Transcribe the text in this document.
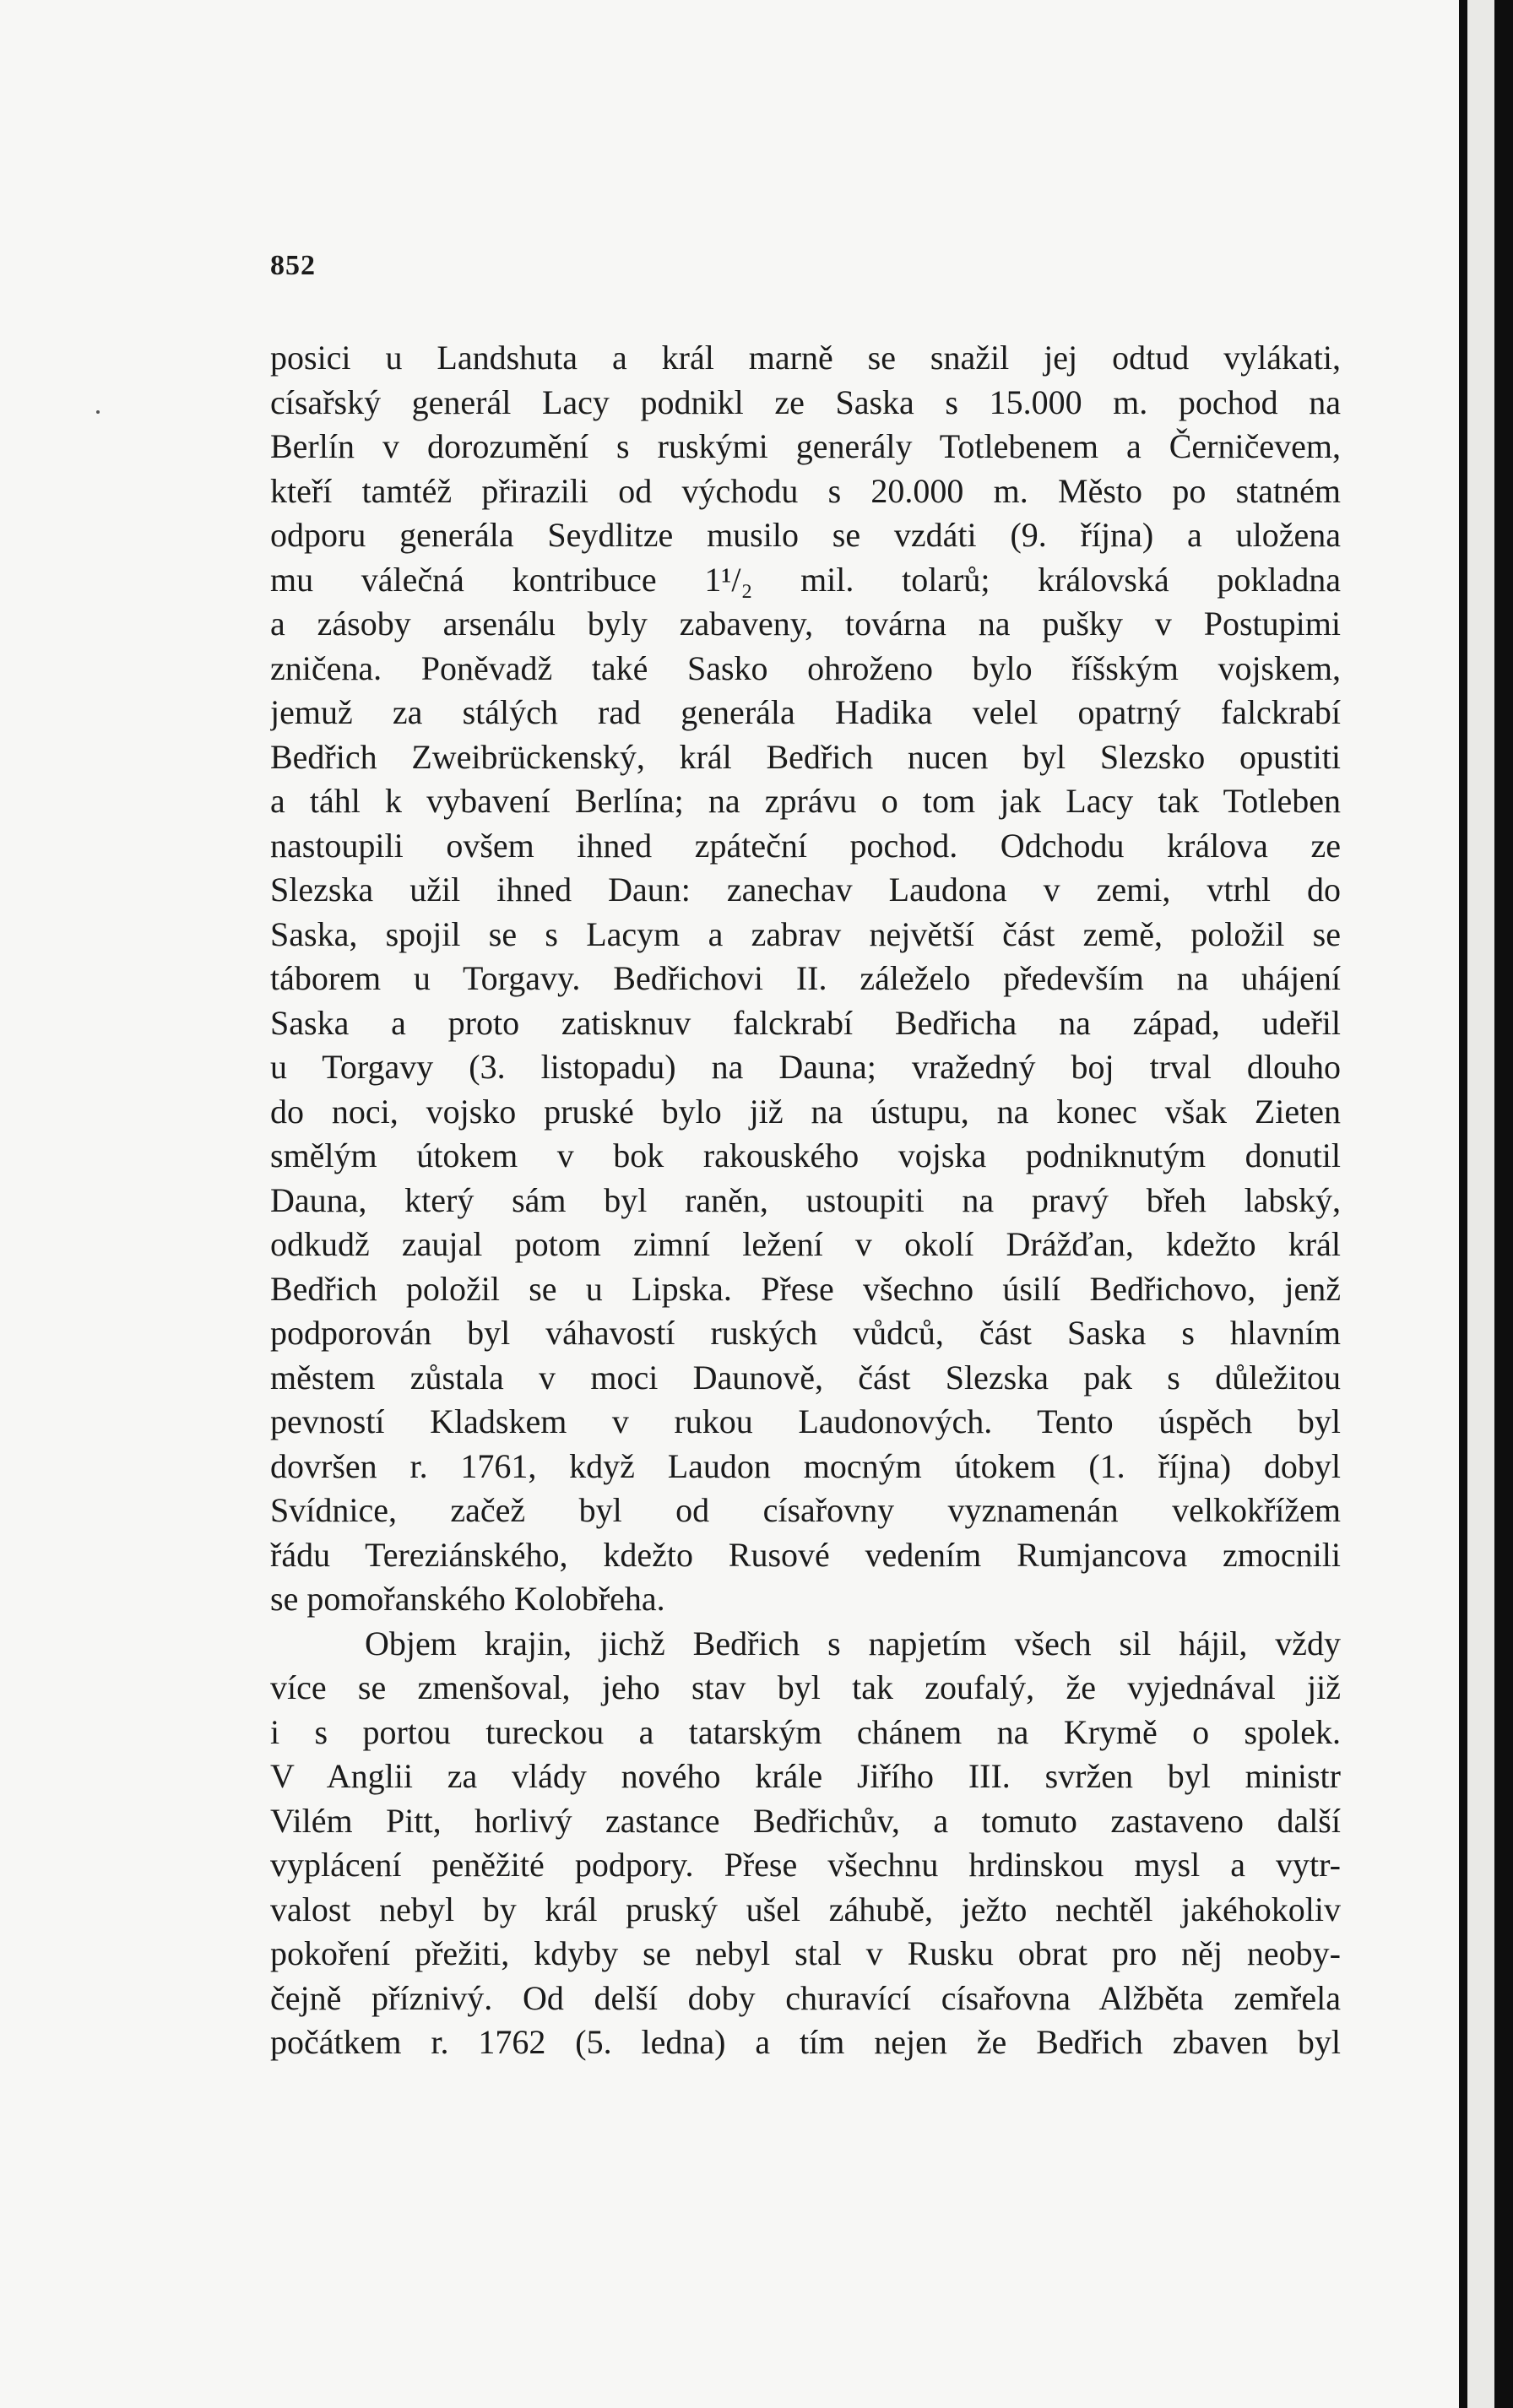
852
posici u Landshuta a král marně se snažil jej odtud vylákati,
císařský generál Lacy podnikl ze Saska s 15.000 m. pochod na
Berlín v dorozumění s ruskými generály Totlebenem a Černičevem,
kteří tamtéž přirazili od východu s 20.000 m. Město po statném
odporu generála Seydlitze musilo se vzdáti (9. října) a uložena
mu válečná kontribuce 1¹/₂ mil. tolarů; královská pokladna
a zásoby arsenálu byly zabaveny, továrna na pušky v Postupimi
zničena. Poněvadž také Sasko ohroženo bylo říšským vojskem,
jemuž za stálých rad generála Hadika velel opatrný falckrabí
Bedřich Zweibrückenský, král Bedřich nucen byl Slezsko opustiti
a táhl k vybavení Berlína; na zprávu o tom jak Lacy tak Totleben
nastoupili ovšem ihned zpáteční pochod. Odchodu králova ze
Slezska užil ihned Daun: zanechav Laudona v zemi, vtrhl do
Saska, spojil se s Lacym a zabrav největší část země, položil se
táborem u Torgavy. Bedřichovi II. záleželo především na uhájení
Saska a proto zatisknuv falckrabí Bedřicha na západ, udeřil
u Torgavy (3. listopadu) na Dauna; vražedný boj trval dlouho
do noci, vojsko pruské bylo již na ústupu, na konec však Zieten
smělým útokem v bok rakouského vojska podniknutým donutil
Dauna, který sám byl raněn, ustoupiti na pravý břeh labský,
odkudž zaujal potom zimní ležení v okolí Drážďan, kdežto král
Bedřich položil se u Lipska. Přese všechno úsilí Bedřichovo, jenž
podporován byl váhavostí ruských vůdců, část Saska s hlavním
městem zůstala v moci Daunově, část Slezska pak s důležitou
pevností Kladskem v rukou Laudonových. Tento úspěch byl
dovršen r. 1761, když Laudon mocným útokem (1. října) dobyl
Svídnice, začež byl od císařovny vyznamenán velkokřížem
řádu Tereziánského, kdežto Rusové vedením Rumjancova zmocnili
se pomořanského Kolobřeha.
Objem krajin, jichž Bedřich s napjetím všech sil hájil, vždy
více se zmenšoval, jeho stav byl tak zoufalý, že vyjednával již
i s portou tureckou a tatarským chánem na Krymě o spolek.
V Anglii za vlády nového krále Jiřího III. svržen byl ministr
Vilém Pitt, horlivý zastance Bedřichův, a tomuto zastaveno další
vyplácení peněžité podpory. Přese všechnu hrdinskou mysl a vytr-
valost nebyl by král pruský ušel záhubě, ježto nechtěl jakéhokoliv
pokoření přežiti, kdyby se nebyl stal v Rusku obrat pro něj neoby-
čejně příznivý. Od delší doby churavící císařovna Alžběta zemřela
počátkem r. 1762 (5. ledna) a tím nejen že Bedřich zbaven byl
